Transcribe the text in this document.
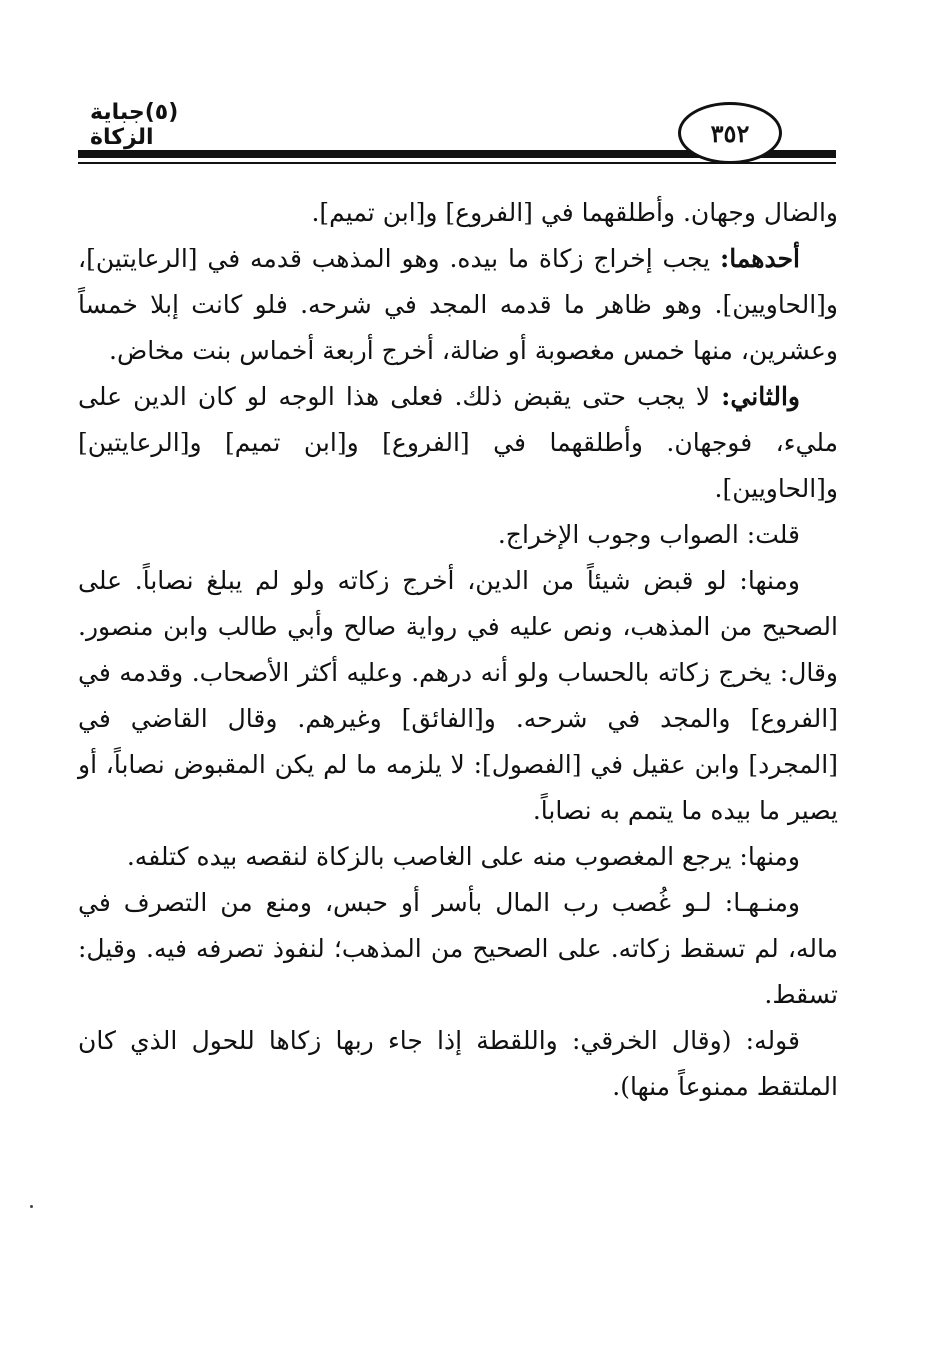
٣٥٢
(٥)جباية الزكاة

والضال وجهان. وأطلقهما في [الفروع] و[ابن تميم].

أحدهما: يجب إخراج زكاة ما بيده. وهو المذهب قدمه في [الرعايتين]، و[الحاويين]. وهو ظاهر ما قدمه المجد في شرحه. فلو كانت إبلا خمساً وعشرين، منها خمس مغصوبة أو ضالة، أخرج أربعة أخماس بنت مخاض.

والثاني: لا يجب حتى يقبض ذلك. فعلى هذا الوجه لو كان الدين على مليء، فوجهان. وأطلقهما في [الفروع] و[ابن تميم] و[الرعايتين] و[الحاويين].

قلت: الصواب وجوب الإخراج.

ومنها: لو قبض شيئاً من الدين، أخرج زكاته ولو لم يبلغ نصاباً. على الصحيح من المذهب، ونص عليه في رواية صالح وأبي طالب وابن منصور. وقال: يخرج زكاته بالحساب ولو أنه درهم. وعليه أكثر الأصحاب. وقدمه في [الفروع] والمجد في شرحه. و[الفائق] وغيرهم. وقال القاضي في [المجرد] وابن عقيل في [الفصول]: لا يلزمه ما لم يكن المقبوض نصاباً، أو يصير ما بيده ما يتمم به نصاباً.

ومنها: يرجع المغصوب منه على الغاصب بالزكاة لنقصه بيده كتلفه.

ومنـهـا: لـو غُصب رب المال بأسر أو حبس، ومنع من التصرف في ماله، لم تسقط زكاته. على الصحيح من المذهب؛ لنفوذ تصرفه فيه. وقيل: تسقط.

قوله: (وقال الخرقي: واللقطة إذا جاء ربها زكاها للحول الذي كان الملتقط ممنوعاً منها).
